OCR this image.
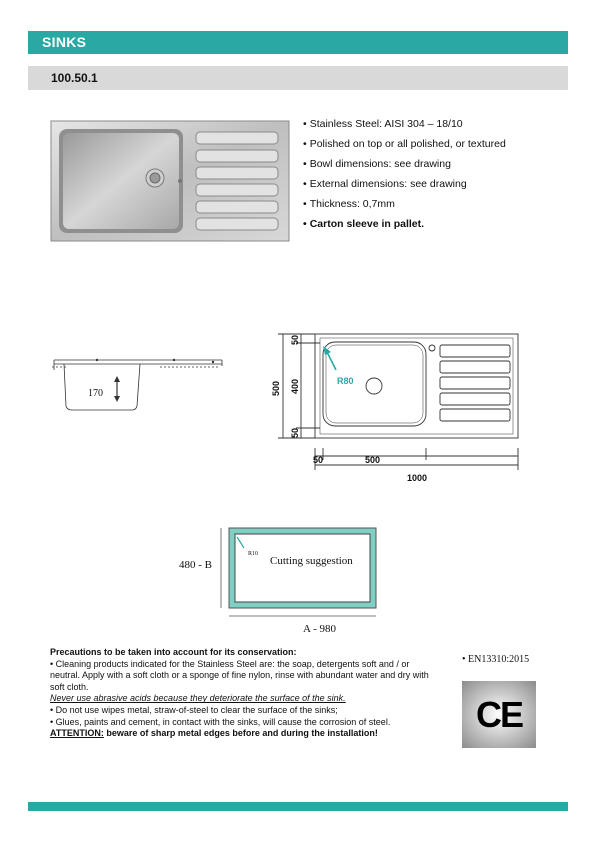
SINKS
100.50.1
• Stainless Steel: AISI 304 – 18/10
• Polished on top or all polished, or textured
• Bowl dimensions: see drawing
• External dimensions: see drawing
• Thickness: 0,7mm
• Carton sleeve in pallet.
170	500
50
400
50
R80
50	500
1000
480 - B
R10
Cutting suggestion
A - 980

Precautions to be taken into account for its conservation:

• Cleaning products indicated for the Stainless Steel are: the soap, detergents soft and / or neutral. Apply with a soft cloth or a sponge of fine nylon, rinse with abundant water and dry with soft cloth.

Never use abrasive acids because they deteriorate the surface of the sink.

• Do not use wipes metal, straw-of-steel to clear the surface of the sinks;

• Glues, paints and cement, in contact with the sinks, will cause the corrosion of steel.

ATTENTION: beware of sharp metal edges before and during the installation!

• EN13310:2015
CE
